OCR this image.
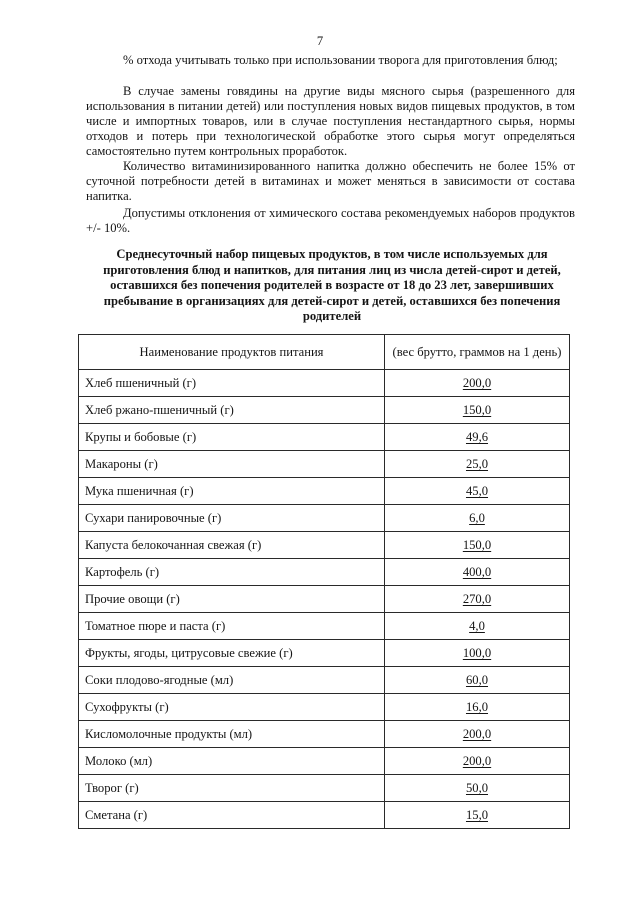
7

% отхода учитывать только при использовании творога для приготовления блюд;

В случае замены говядины на другие виды мясного сырья (разрешенного для использования в питании детей) или поступления новых видов пищевых продуктов, в том числе и импортных товаров, или в случае поступления нестандартного сырья, нормы отходов и потерь при технологической обработке этого сырья могут определяться самостоятельно путем контрольных проработок.

Количество витаминизированного напитка должно обеспечить не более 15% от суточной потребности детей в витаминах и может меняться в зависимости от состава напитка.

Допустимы отклонения от химического состава рекомендуемых наборов продуктов +/- 10%.

Среднесуточный набор пищевых продуктов, в том числе используемых для приготовления блюд и напитков, для питания лиц из числа детей-сирот и детей, оставшихся без попечения родителей в возрасте от 18 до 23 лет, завершивших пребывание в организациях для детей-сирот и детей, оставшихся без попечения родителей

Наименование продуктов питания	(вес брутто, граммов на 1 день)
Хлеб пшеничный (г)	200,0
Хлеб ржано-пшеничный (г)	150,0
Крупы и бобовые (г)	49,6
Макароны (г)	25,0
Мука пшеничная (г)	45,0
Сухари панировочные (г)	6,0
Капуста белокочанная свежая (г)	150,0
Картофель (г)	400,0
Прочие овощи (г)	270,0
Томатное пюре и паста (г)	4,0
Фрукты, ягоды, цитрусовые свежие (г)	100,0
Соки плодово-ягодные (мл)	60,0
Сухофрукты (г)	16,0
Кисломолочные продукты (мл)	200,0
Молоко (мл)	200,0
Творог (г)	50,0
Сметана (г)	15,0
